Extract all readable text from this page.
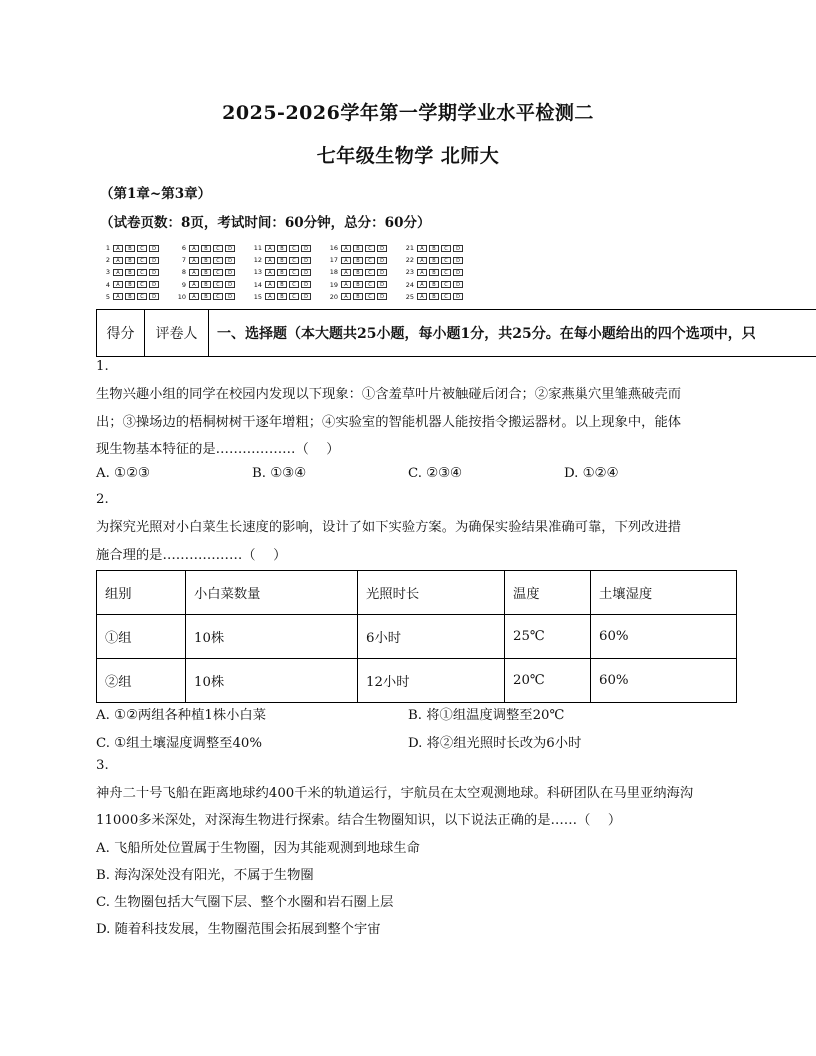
2025-2026学年第一学期学业水平检测二
七年级生物学 北师大
（第1章~第3章）
（试卷页数：8页，考试时间：60分钟，总分：60分）
1	A	B	C	D	6	A	B	C	D	11	A	B	C	D	16	A	B	C	D	21	A	B	C	D
2	A	B	C	D	7	A	B	C	D	12	A	B	C	D	17	A	B	C	D	22	A	B	C	D
3	A	B	C	D	8	A	B	C	D	13	A	B	C	D	18	A	B	C	D	23	A	B	C	D
4	A	B	C	D	9	A	B	C	D	14	A	B	C	D	19	A	B	C	D	24	A	B	C	D
5	A	B	C	D	10	A	B	C	D	15	A	B	C	D	20	A	B	C	D	25	A	B	C	D
得分	评卷人	一、选择题（本大题共25小题，每小题1分，共25分。在每小题给出的四个选项中，只
1.
生物兴趣小组的同学在校园内发现以下现象：①含羞草叶片被触碰后闭合；②家燕巢穴里雏燕破壳而
出；③操场边的梧桐树树干逐年增粗；④实验室的智能机器人能按指令搬运器材。以上现象中，能体
现生物基本特征的是………………（　 ）
A. ①②③	B. ①③④	C. ②③④	D. ①②④
2.
为探究光照对小白菜生长速度的影响，设计了如下实验方案。为确保实验结果准确可靠，下列改进措
施合理的是………………（　 ）
组别	小白菜数量	光照时长	温度	土壤湿度
①组	10株	6小时	25℃	60%
②组	10株	12小时	20℃	60%
A. ①②两组各种植1株小白菜	B. 将①组温度调整至20℃
C. ①组土壤湿度调整至40%	D. 将②组光照时长改为6小时
3.
神舟二十号飞船在距离地球约400千米的轨道运行，宇航员在太空观测地球。科研团队在马里亚纳海沟
11000多米深处，对深海生物进行探索。结合生物圈知识，以下说法正确的是……（　 ）
A. 飞船所处位置属于生物圈，因为其能观测到地球生命
B. 海沟深处没有阳光，不属于生物圈
C. 生物圈包括大气圈下层、整个水圈和岩石圈上层
D. 随着科技发展，生物圈范围会拓展到整个宇宙
